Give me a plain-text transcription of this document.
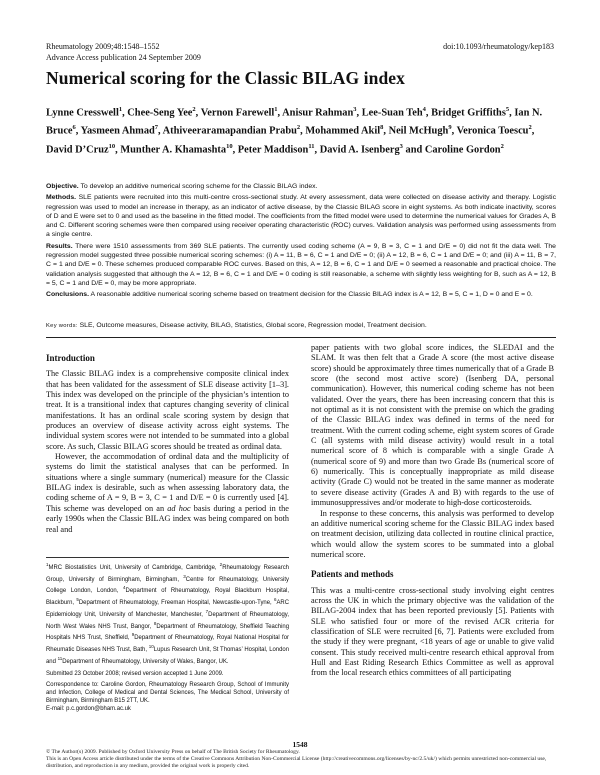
Rheumatology 2009;48:1548–1552
Advance Access publication 24 September 2009
doi:10.1093/rheumatology/kep183
Numerical scoring for the Classic BILAG index
Lynne Cresswell$^1$, Chee-Seng Yee$^2$, Vernon Farewell$^1$, Anisur Rahman$^3$, Lee-Suan Teh$^4$, Bridget Griffiths$^5$, Ian N. Bruce$^6$, Yasmeen Ahmad$^7$, Athiveeraramapandian Prabu$^2$, Mohammed Akil$^8$, Neil McHugh$^9$, Veronica Toescu$^2$, David D’Cruz$^{10}$, Munther A. Khamashta$^{10}$, Peter Maddison$^{11}$, David A. Isenberg$^3$ and Caroline Gordon$^2$

Objective. To develop an additive numerical scoring scheme for the Classic BILAG index.

Methods. SLE patients were recruited into this multi-centre cross-sectional study. At every assessment, data were collected on disease activity and therapy. Logistic regression was used to model an increase in therapy, as an indicator of active disease, by the Classic BILAG score in eight systems. As both indicate inactivity, scores of D and E were set to 0 and used as the baseline in the fitted model. The coefficients from the fitted model were used to determine the numerical values for Grades A, B and C. Different scoring schemes were then compared using receiver operating characteristic (ROC) curves. Validation analysis was performed using assessments from a single centre.

Results. There were 1510 assessments from 369 SLE patients. The currently used coding scheme (A = 9, B = 3, C = 1 and D/E = 0) did not fit the data well. The regression model suggested three possible numerical scoring schemes: (i) A = 11, B = 6, C = 1 and D/E = 0; (ii) A = 12, B = 6, C = 1 and D/E = 0; and (iii) A = 11, B = 7, C = 1 and D/E = 0. These schemes produced comparable ROC curves. Based on this, A = 12, B = 6, C = 1 and D/E = 0 seemed a reasonable and practical choice. The validation analysis suggested that although the A = 12, B = 6, C = 1 and D/E = 0 coding is still reasonable, a scheme with slightly less weighting for B, such as A = 12, B = 5, C = 1 and D/E = 0, may be more appropriate.

Conclusions. A reasonable additive numerical scoring scheme based on treatment decision for the Classic BILAG index is A = 12, B = 5, C = 1, D = 0 and E = 0.

Key words: SLE, Outcome measures, Disease activity, BILAG, Statistics, Global score, Regression model, Treatment decision.
Introduction

The Classic BILAG index is a comprehensive composite clinical index that has been validated for the assessment of SLE disease activity [1–3]. This index was developed on the principle of the physician’s intention to treat. It is a transitional index that captures changing severity of clinical manifestations. It has an ordinal scale scoring system by design that produces an overview of disease activity across eight systems. The individual system scores were not intended to be summated into a global score. As such, Classic BILAG scores should be treated as ordinal data.

However, the accommodation of ordinal data and the multiplicity of systems do limit the statistical analyses that can be performed. In situations where a single summary (numerical) measure for the Classic BILAG index is desirable, such as when assessing laboratory data, the coding scheme of A = 9, B = 3, C = 1 and D/E = 0 is currently used [4]. This scheme was developed on an ad hoc basis during a period in the early 1990s when the Classic BILAG index was being compared on both real and

$^1$MRC Biostatistics Unit, University of Cambridge, Cambridge, $^2$Rheumatology Research Group, University of Birmingham, Birmingham, $^3$Centre for Rheumatology, University College London, London, $^4$Department of Rheumatology, Royal Blackburn Hospital, Blackburn, $^5$Department of Rheumatology, Freeman Hospital, Newcastle-upon-Tyne, $^6$ARC Epidemiology Unit, University of Manchester, Manchester, $^7$Department of Rheumatology, North West Wales NHS Trust, Bangor, $^8$Department of Rheumatology, Sheffield Teaching Hospitals NHS Trust, Sheffield, $^9$Department of Rheumatology, Royal National Hospital for Rheumatic Diseases NHS Trust, Bath, $^{10}$Lupus Research Unit, St Thomas’ Hospital, London and $^{11}$Department of Rheumatology, University of Wales, Bangor, UK.

Submitted 23 October 2008; revised version accepted 1 June 2009.

Correspondence to: Caroline Gordon, Rheumatology Research Group, School of Immunity and Infection, College of Medical and Dental Sciences, The Medical School, University of Birmingham, Birmingham B15 2TT, UK.
E-mail: p.c.gordon@bham.ac.uk

paper patients with two global score indices, the SLEDAI and the SLAM. It was then felt that a Grade A score (the most active disease score) should be approximately three times numerically that of a Grade B score (the second most active score) (Isenberg DA, personal communication). However, this numerical coding scheme has not been validated. Over the years, there has been increasing concern that this is not optimal as it is not consistent with the premise on which the grading of the Classic BILAG index was defined in terms of the need for treatment. With the current coding scheme, eight system scores of Grade C (all systems with mild disease activity) would result in a total numerical score of 8 which is comparable with a single Grade A (numerical score of 9) and more than two Grade Bs (numerical score of 6) numerically. This is conceptually inappropriate as mild disease activity (Grade C) would not be treated in the same manner as moderate to severe disease activity (Grades A and B) with regards to the use of immunosuppressives and/or moderate to high-dose corticosteroids.

In response to these concerns, this analysis was performed to develop an additive numerical scoring scheme for the Classic BILAG index based on treatment decision, utilizing data collected in routine clinical practice, which would allow the system scores to be summated into a global numerical score.

Patients and methods

This was a multi-centre cross-sectional study involving eight centres across the UK in which the primary objective was the validation of the BILAG-2004 index that has been reported previously [5]. Patients with SLE who satisfied four or more of the revised ACR criteria for classification of SLE were recruited [6, 7]. Patients were excluded from the study if they were pregnant, <18 years of age or unable to give valid consent. This study received multi-centre research ethical approval from Hull and East Riding Research Ethics Committee as well as approval from the local research ethics committees of all participating

1548
© The Author(s) 2009. Published by Oxford University Press on behalf of The British Society for Rheumatology.
This is an Open Access article distributed under the terms of the Creative Commons Attribution Non-Commercial License (http://creativecommons.org/licenses/by-nc/2.5/uk/) which permits unrestricted non-commercial use, distribution, and reproduction in any medium, provided the original work is properly cited.
